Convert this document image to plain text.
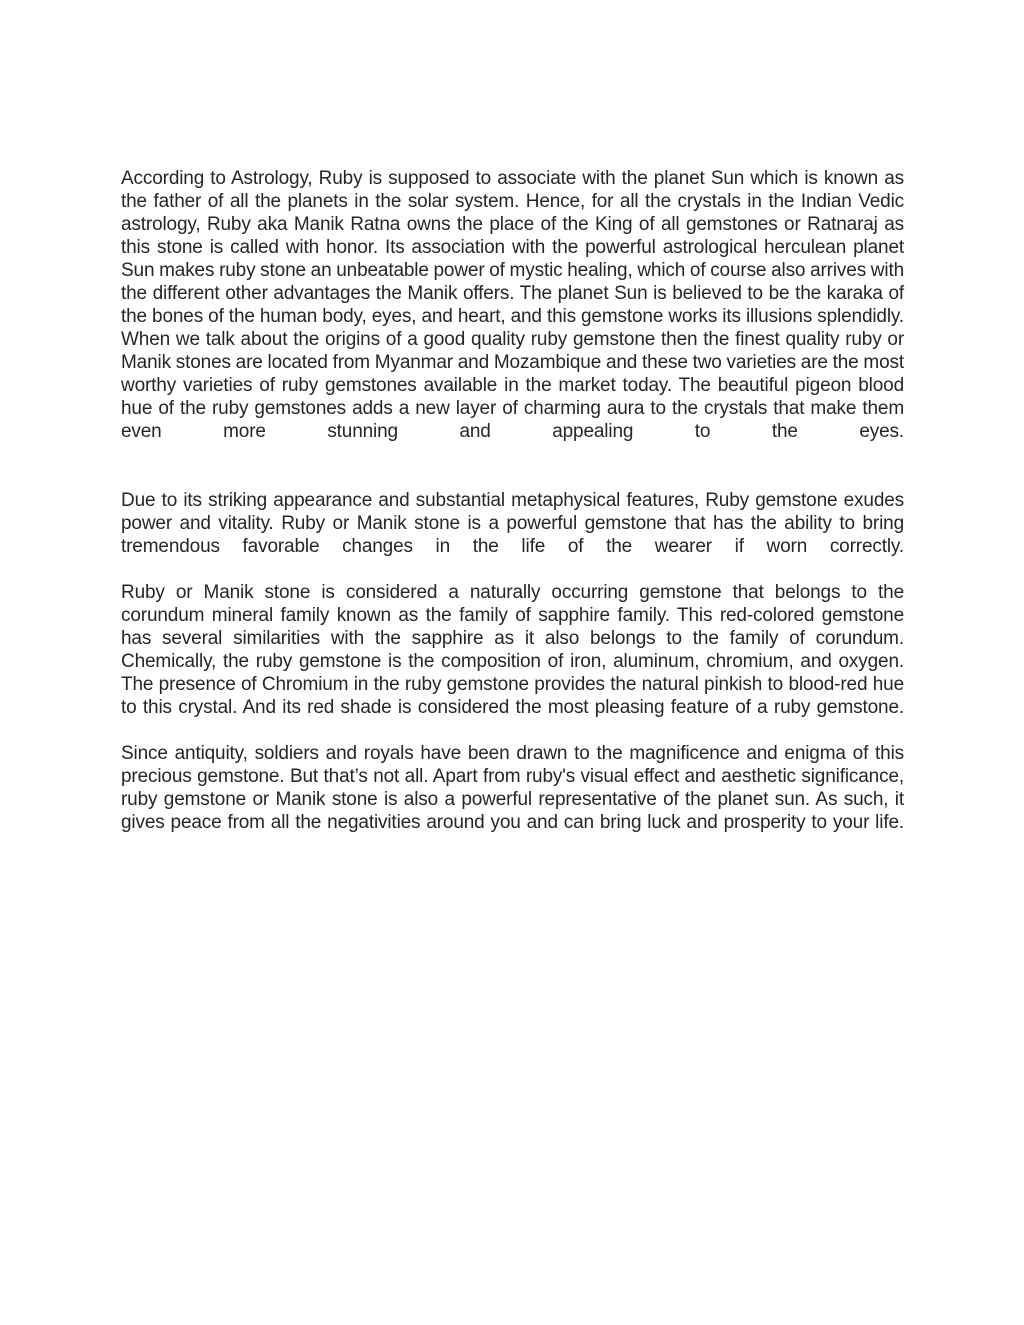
According to Astrology, Ruby is supposed to associate with the planet Sun which is known as the father of all the planets in the solar system. Hence, for all the crystals in the Indian Vedic astrology, Ruby aka Manik Ratna owns the place of the King of all gemstones or Ratnaraj as this stone is called with honor. Its association with the powerful astrological herculean planet Sun makes ruby stone an unbeatable power of mystic healing, which of course also arrives with the different other advantages the Manik offers. The planet Sun is believed to be the karaka of the bones of the human body, eyes, and heart, and this gemstone works its illusions splendidly. When we talk about the origins of a good quality ruby gemstone then the finest quality ruby or Manik stones are located from Myanmar and Mozambique and these two varieties are the most worthy varieties of ruby gemstones available in the market today. The beautiful pigeon blood hue of the ruby gemstones adds a new layer of charming aura to the crystals that make them even more stunning and appealing to the eyes.

Due to its striking appearance and substantial metaphysical features, Ruby gemstone exudes power and vitality. Ruby or Manik stone is a powerful gemstone that has the ability to bring tremendous favorable changes in the life of the wearer if worn correctly.

Ruby or Manik stone is considered a naturally occurring gemstone that belongs to the corundum mineral family known as the family of sapphire family. This red-colored gemstone has several similarities with the sapphire as it also belongs to the family of corundum. Chemically, the ruby gemstone is the composition of iron, aluminum, chromium, and oxygen. The presence of Chromium in the ruby gemstone provides the natural pinkish to blood-red hue to this crystal. And its red shade is considered the most pleasing feature of a ruby gemstone.

Since antiquity, soldiers and royals have been drawn to the magnificence and enigma of this precious gemstone. But that’s not all. Apart from ruby's visual effect and aesthetic significance, ruby gemstone or Manik stone is also a powerful representative of the planet sun. As such, it gives peace from all the negativities around you and can bring luck and prosperity to your life.
